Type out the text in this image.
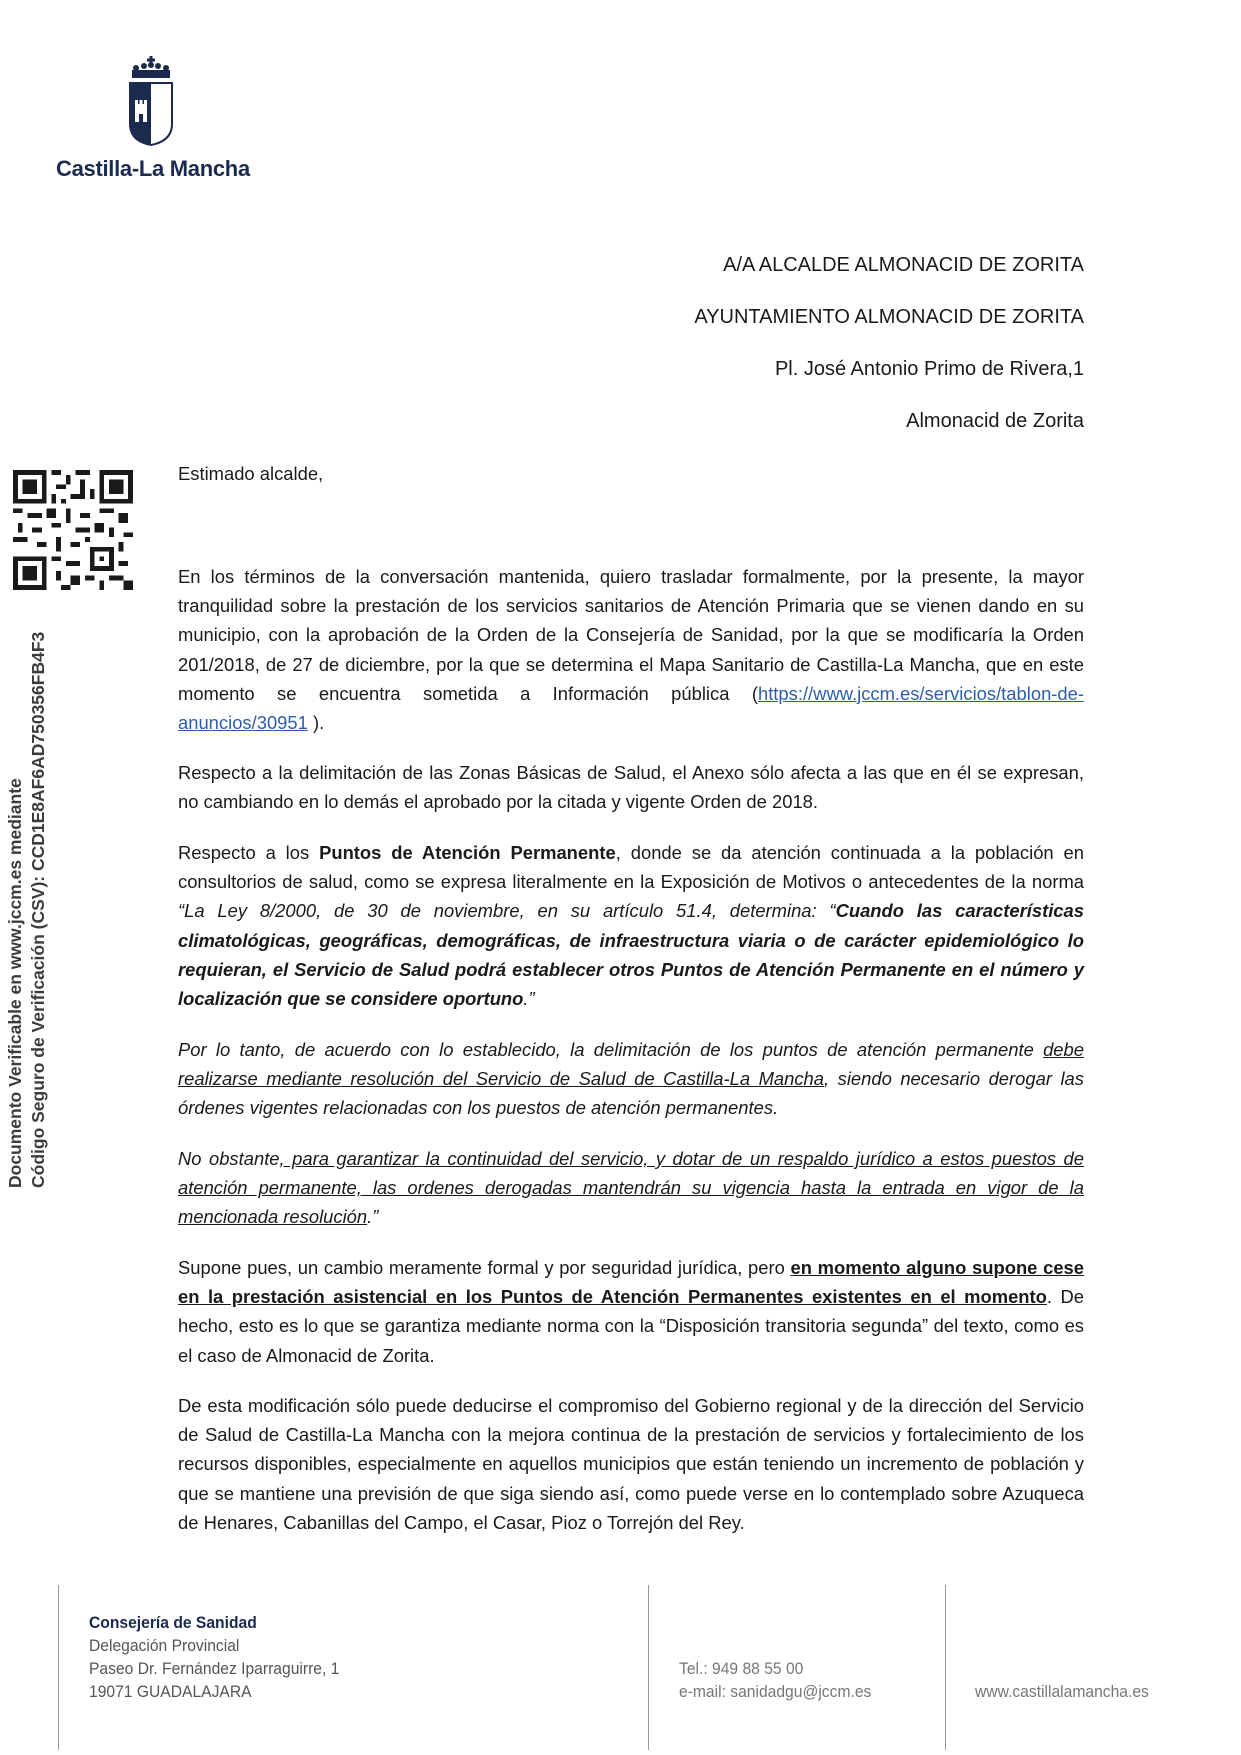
Castilla-La Mancha
A/A ALCALDE ALMONACID DE ZORITA
AYUNTAMIENTO ALMONACID DE ZORITA
Pl. José Antonio Primo de Rivera,1
Almonacid de Zorita
Estimado alcalde,
En los términos de la conversación mantenida, quiero trasladar formalmente, por la presente, la mayor tranquilidad sobre la prestación de los servicios sanitarios de Atención Primaria que se vienen dando en su municipio, con la aprobación de la Orden de la Consejería de Sanidad, por la que se modificaría la Orden 201/2018, de 27 de diciembre, por la que se determina el Mapa Sanitario de Castilla-La Mancha, que en este momento se encuentra sometida a Información pública (https://www.jccm.es/servicios/tablon-de-anuncios/30951 ).
Respecto a la delimitación de las Zonas Básicas de Salud, el Anexo sólo afecta a las que en él se expresan, no cambiando en lo demás el aprobado por la citada y vigente Orden de 2018.
Respecto a los Puntos de Atención Permanente, donde se da atención continuada a la población en consultorios de salud, como se expresa literalmente en la Exposición de Motivos o antecedentes de la norma “La Ley 8/2000, de 30 de noviembre, en su artículo 51.4, determina: “Cuando las características climatológicas, geográficas, demográficas, de infraestructura viaria o de carácter epidemiológico lo requieran, el Servicio de Salud podrá establecer otros Puntos de Atención Permanente en el número y localización que se considere oportuno.”
Por lo tanto, de acuerdo con lo establecido, la delimitación de los puntos de atención permanente debe realizarse mediante resolución del Servicio de Salud de Castilla-La Mancha, siendo necesario derogar las órdenes vigentes relacionadas con los puestos de atención permanentes.
No obstante, para garantizar la continuidad del servicio, y dotar de un respaldo jurídico a estos puestos de atención permanente, las ordenes derogadas mantendrán su vigencia hasta la entrada en vigor de la mencionada resolución.”
Supone pues, un cambio meramente formal y por seguridad jurídica, pero en momento alguno supone cese en la prestación asistencial en los Puntos de Atención Permanentes existentes en el momento. De hecho, esto es lo que se garantiza mediante norma con la “Disposición transitoria segunda” del texto, como es el caso de Almonacid de Zorita.
De esta modificación sólo puede deducirse el compromiso del Gobierno regional y de la dirección del Servicio de Salud de Castilla-La Mancha con la mejora continua de la prestación de servicios y fortalecimiento de los recursos disponibles, especialmente en aquellos municipios que están teniendo un incremento de población y que se mantiene una previsión de que siga siendo así, como puede verse en lo contemplado sobre Azuqueca de Henares, Cabanillas del Campo, el Casar, Pioz o Torrejón del Rey.
Documento Verificable en www.jccm.es mediante Código Seguro de Verificación (CSV): CCD1E8AF6AD750356FB4F3
Consejería de Sanidad
Delegación Provincial
Paseo Dr. Fernández Iparraguirre, 1
19071 GUADALAJARA
Tel.: 949 88 55 00
e-mail: sanidadgu@jccm.es	www.castillalamancha.es
